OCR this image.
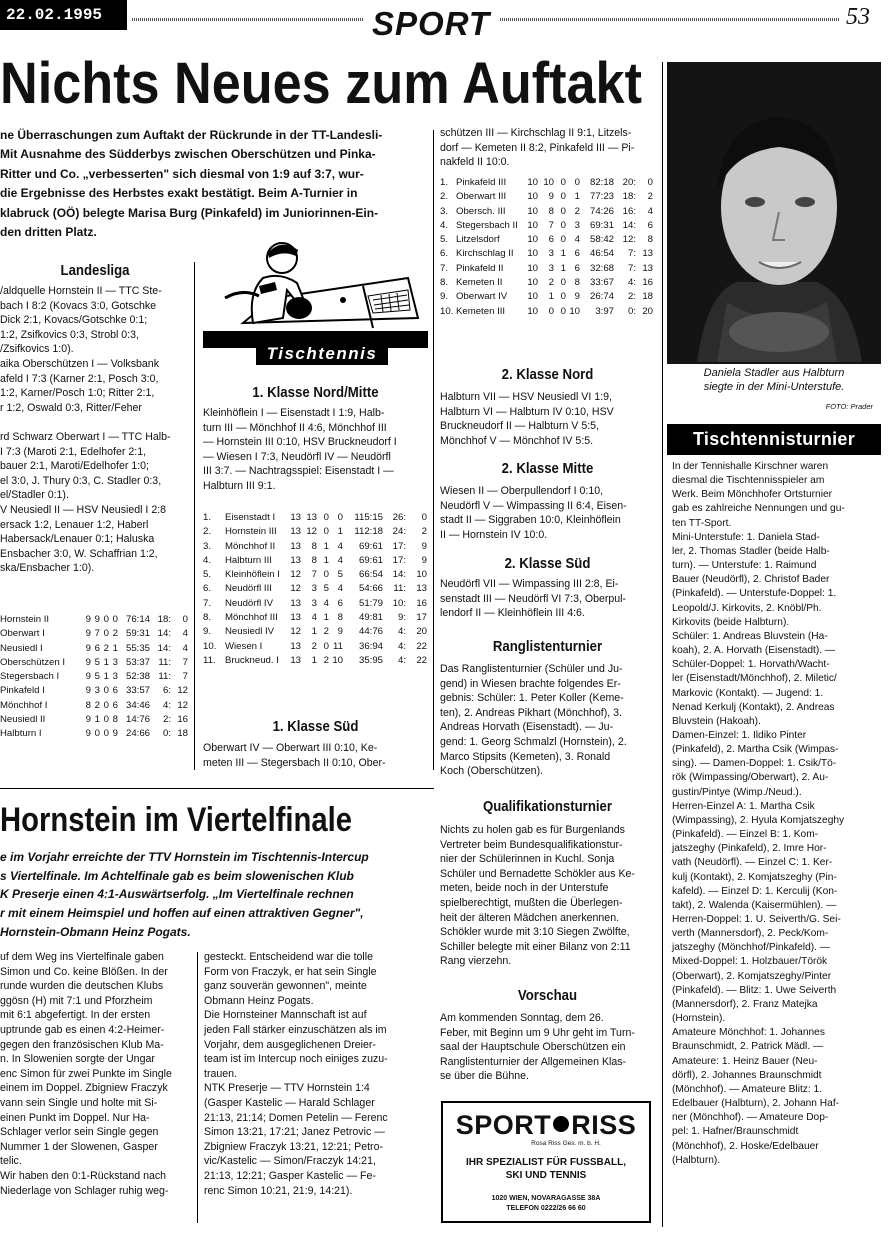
22.02.1995	SPORT	53
Nichts Neues zum Auftakt
ne Überraschungen zum Auftakt der Rückrunde in der TT-Landesli-
Mit Ausnahme des Südderbys zwischen Oberschützen und Pinka-
Ritter und Co. „verbesserten" sich diesmal von 1:9 auf 3:7, wur-
die Ergebnisse des Herbstes exakt bestätigt. Beim A-Turnier in
klabruck (OÖ) belegte Marisa Burg (Pinkafeld) im Juniorinnen-Ein-
den dritten Platz.
Landesliga
/aldquelle Hornstein II — TTC Ste-
bach I 8:2 (Kovacs 3:0, Gotschke
Dick 2:1, Kovacs/Gotschke 0:1;
1:2, Zsifkovics 0:3, Strobl 0:3,
/Zsifkovics 1:0).
aika Oberschützen I — Volksbank
afeld I 7:3 (Karner 2:1, Posch 3:0,
1:2, Karner/Posch 1:0; Ritter 2:1,
r 1:2, Oswald 0:3, Ritter/Feher

rd Schwarz Oberwart I — TTC Halb-
I 7:3 (Maroti 2:1, Edelhofer 2:1,
bauer 2:1, Maroti/Edelhofer 1:0;
el 3:0, J. Thury 0:3, C. Stadler 0:3,
el/Stadler 0:1).
V Neusiedl II — HSV Neusiedl I 2:8
ersack 1:2, Lenauer 1:2, Haberl
Habersack/Lenauer 0:1; Haluska
Ensbacher 3:0, W. Schaffrian 1:2,
ska/Ensbacher 1:0).
Hornstein II	9 9 0 0 76:14 18:	0
Oberwart I	9 7 0 2 59:31 14:	4
Neusiedl I	9 6 2 1 55:35 14:	4
Oberschützen I	9 5 1 3 53:37 11:	7
Stegersbach I	9 5 1 3 52:38 11:	7
Pinkafeld I	9 3 0 6 33:57	6: 12
Mönchhof I	8 2 0 6 34:46	4: 12
Neusiedl II	9 1 0 8 14:76	2: 16
Halbturn I	9 0 0 9 24:66	0: 18
Tischtennis
1. Klasse Nord/Mitte
Kleinhöflein I — Eisenstadt I 1:9, Halb-
turn III — Mönchhof II 4:6, Mönchhof III
— Hornstein III 0:10, HSV Bruckneudorf I
— Wiesen I 7:3, Neudörfl IV — Neudörfl
III 3:7. — Nachtragsspiel: Eisenstadt I —
Halbturn III 9:1.
1.	Eisenstadt I	13 13 0 0	115:15	26:	0
2.	Hornstein III	13 12 0 1	112:18	24:	2
3.	Mönchhof II	13	8 1 4	69:61	17:	9
4.	Halbturn III	13	8 1 4	69:61	17:	9
5.	Kleinhöflein I	12	7 0 5	66:54	14:	10
6.	Neudörfl III	12	3 5 4	54:66	11:	13
7.	Neudörfl IV	13	3 4 6	51:79	10:	16
8.	Mönchhof III	13	4 1 8	49:81	9:	17
9.	Neusiedl IV	12	1 2 9	44:76	4:	20
10. Wiesen I	13	2 0 11	36:94	4:	22
11. Bruckneud. I	13	1 2 10	35:95	4:	22
1. Klasse Süd
Oberwart IV — Oberwart III 0:10, Ke-
meten III — Stegersbach II 0:10, Ober-
schützen III — Kirchschlag II 9:1, Litzels-
dorf — Kemeten II 8:2, Pinkafeld III — Pi-
nakfeld II 10:0.
1. Pinkafeld III	10 10 0 0	82:18 20:	0
2. Oberwart III	10	9 0 1	77:23 18:	2
3. Obersch. III	10	8 0 2	74:26 16:	4
4. Stegersbach II 10	7 0 3	69:31 14:	6
5. Litzelsdorf	10	6 0 4	58:42 12:	8
6. Kirchschlag II	10	3 1 6	46:54	7: 13
7. Pinkafeld II	10	3 1 6	32:68	7: 13
8. Kemeten II	10	2 0 8	33:67	4: 16
9. Oberwart IV	10	1 0 9	26:74	2: 18
10. Kemeten III	10	0 0 10	3:97	0: 20
2. Klasse Nord
Halbturn VII — HSV Neusiedl VI 1:9,
Halbturn VI — Halbturn IV 0:10, HSV
Bruckneudorf II — Halbturn V 5:5,
Mönchhof V — Mönchhof IV 5:5.
2. Klasse Mitte
Wiesen II — Oberpullendorf I 0:10,
Neudörfl V — Wimpassing II 6:4, Eisen-
stadt II — Siggraben 10:0, Kleinhöflein
II — Hornstein IV 10:0.
2. Klasse Süd
Neudörfl VII — Wimpassing III 2:8, Ei-
senstadt III — Neudörfl VI 7:3, Oberpul-
lendorf II — Kleinhöflein III 4:6.
Ranglistenturnier
Das Ranglistenturnier (Schüler und Ju-
gend) in Wiesen brachte folgendes Er-
gebnis: Schüler: 1. Peter Koller (Keme-
ten), 2. Andreas Pikhart (Mönchhof), 3.
Andreas Horvath (Eisenstadt). — Ju-
gend: 1. Georg Schmalzl (Hornstein), 2.
Marco Stipsits (Kemeten), 3. Ronald
Koch (Oberschützen).
Qualifikationsturnier
Nichts zu holen gab es für Burgenlands
Vertreter beim Bundesqualifikationstur-
nier der Schülerinnen in Kuchl. Sonja
Schüler und Bernadette Schökler aus Ke-
meten, beide noch in der Unterstufe
spielberechtigt, mußten die Überlegen-
heit der älteren Mädchen anerkennen.
Schökler wurde mit 3:10 Siegen Zwölfte,
Schiller belegte mit einer Bilanz von 2:11
Rang vierzehn.
Vorschau
Am kommenden Sonntag, dem 26.
Feber, mit Beginn um 9 Uhr geht im Turn-
saal der Hauptschule Oberschützen ein
Ranglistenturnier der Allgemeinen Klas-
se über die Bühne.
SPORT RISS
Rosa Riss Ges. m. b. H.
IHR SPEZIALIST FÜR FUSSBALL,
SKI UND TENNIS
1020 WIEN, NOVARAGASSE 38A
TELEFON 0222/26 66 60
Daniela Stadler aus Halbturn
siegte in der Mini-Unterstufe.
FOTO: Prader
Tischtennisturnier
In der Tennishalle Kirschner waren
diesmal die Tischtennisspieler am
Werk. Beim Mönchhofer Ortsturnier
gab es zahlreiche Nennungen und gu-
ten TT-Sport.
Mini-Unterstufe: 1. Daniela Stad-
ler, 2. Thomas Stadler (beide Halb-
turn). — Unterstufe: 1. Raimund
Bauer (Neudörfl), 2. Christof Bader
(Pinkafeld). — Unterstufe-Doppel: 1.
Leopold/J. Kirkovits, 2. Knöbl/Ph.
Kirkovits (beide Halbturn).
Schüler: 1. Andreas Bluvstein (Ha-
koah), 2. A. Horvath (Eisenstadt). —
Schüler-Doppel: 1. Horvath/Wacht-
ler (Eisenstadt/Mönchhof), 2. Miletic/
Markovic (Kontakt). — Jugend: 1.
Nenad Kerkulj (Kontakt), 2. Andreas
Bluvstein (Hakoah).
Damen-Einzel: 1. Ildiko Pinter
(Pinkafeld), 2. Martha Csik (Wimpas-
sing). — Damen-Doppel: 1. Csik/Tö-
rök (Wimpassing/Oberwart), 2. Au-
gustin/Pintye (Wimp./Neud.).
Herren-Einzel A: 1. Martha Csik
(Wimpassing), 2. Hyula Komjatszeghy
(Pinkafeld). — Einzel B: 1. Kom-
jatszeghy (Pinkafeld), 2. Imre Hor-
vath (Neudörfl). — Einzel C: 1. Ker-
kulj (Kontakt), 2. Komjatszeghy (Pin-
kafeld). — Einzel D: 1. Kerculij (Kon-
takt), 2. Walenda (Kaisermühlen). —
Herren-Doppel: 1. U. Seiverth/G. Sei-
verth (Mannersdorf), 2. Peck/Kom-
jatszeghy (Mönchhof/Pinkafeld). —
Mixed-Doppel: 1. Holzbauer/Török
(Oberwart), 2. Komjatszeghy/Pinter
(Pinkafeld). — Blitz: 1. Uwe Seiverth
(Mannersdorf), 2. Franz Matejka
(Hornstein).
Amateure Mönchhof: 1. Johannes
Braunschmidt, 2. Patrick Mädl. —
Amateure: 1. Heinz Bauer (Neu-
dörfl), 2. Johannes Braunschmidt
(Mönchhof). — Amateure Blitz: 1.
Edelbauer (Halbturn), 2. Johann Haf-
ner (Mönchhof). — Amateure Dop-
pel: 1. Hafner/Braunschmidt
(Mönchhof), 2. Hoske/Edelbauer
(Halbturn).
Hornstein im Viertelfinale
e im Vorjahr erreichte der TTV Hornstein im Tischtennis-Intercup
s Viertelfinale. Im Achtelfinale gab es beim slowenischen Klub
K Preserje einen 4:1-Auswärtserfolg. „Im Viertelfinale rechnen
r mit einem Heimspiel und hoffen auf einen attraktiven Gegner",
Hornstein-Obmann Heinz Pogats.
uf dem Weg ins Viertelfinale gaben
Simon und Co. keine Blößen. In der
runde wurden die deutschen Klubs
ggösn (H) mit 7:1 und Pforzheim
mit 6:1 abgefertigt. In der ersten
uptrunde gab es einen 4:2-Heimer-
gegen den französischen Klub Ma-
n. In Slowenien sorgte der Ungar
enc Simon für zwei Punkte im Single
einem im Doppel. Zbigniew Fraczyk
vann sein Single und holte mit Si-
einen Punkt im Doppel. Nur Ha-
Schlager verlor sein Single gegen
Nummer 1 der Slowenen, Gasper
telic.
Wir haben den 0:1-Rückstand nach
Niederlage von Schlager ruhig weg-
gesteckt. Entscheidend war die tolle
Form von Fraczyk, er hat sein Single
ganz souverän gewonnen", meinte
Obmann Heinz Pogats.
Die Hornsteiner Mannschaft ist auf
jeden Fall stärker einzuschätzen als im
Vorjahr, dem ausgeglichenen Dreier-
team ist im Intercup noch einiges zuzu-
trauen.
NTK Preserje — TTV Hornstein 1:4
(Gasper Kastelic — Harald Schlager
21:13, 21:14; Domen Petelin — Ferenc
Simon 13:21, 17:21; Janez Petrovic —
Zbigniew Fraczyk 13:21, 12:21; Petro-
vic/Kastelic — Simon/Fraczyk 14:21,
21:13, 12:21; Gasper Kastelic — Fe-
renc Simon 10:21, 21:9, 14:21).
